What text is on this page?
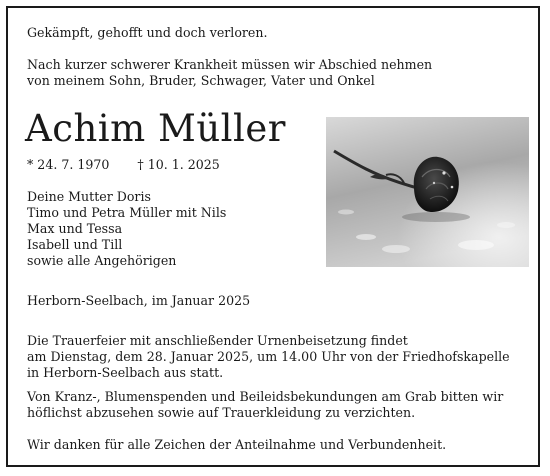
Gekämpft, gehofft und doch verloren.
Nach kurzer schwerer Krankheit müssen wir Abschied nehmen
von meinem Sohn, Bruder, Schwager, Vater und Onkel
Achim Müller
* 24. 7. 1970 † 10. 1. 2025
Deine Mutter Doris
Timo und Petra Müller mit Nils
Max und Tessa
Isabell und Till
sowie alle Angehörigen
Herborn-Seelbach, im Januar 2025
Die Trauerfeier mit anschließender Urnenbeisetzung findet
am Dienstag, dem 28. Januar 2025, um 14.00 Uhr von der Friedhofskapelle
in Herborn-Seelbach aus statt.
Von Kranz-, Blumenspenden und Beileidsbekundungen am Grab bitten wir
höflichst abzusehen sowie auf Trauerkleidung zu verzichten.
Wir danken für alle Zeichen der Anteilnahme und Verbundenheit.
